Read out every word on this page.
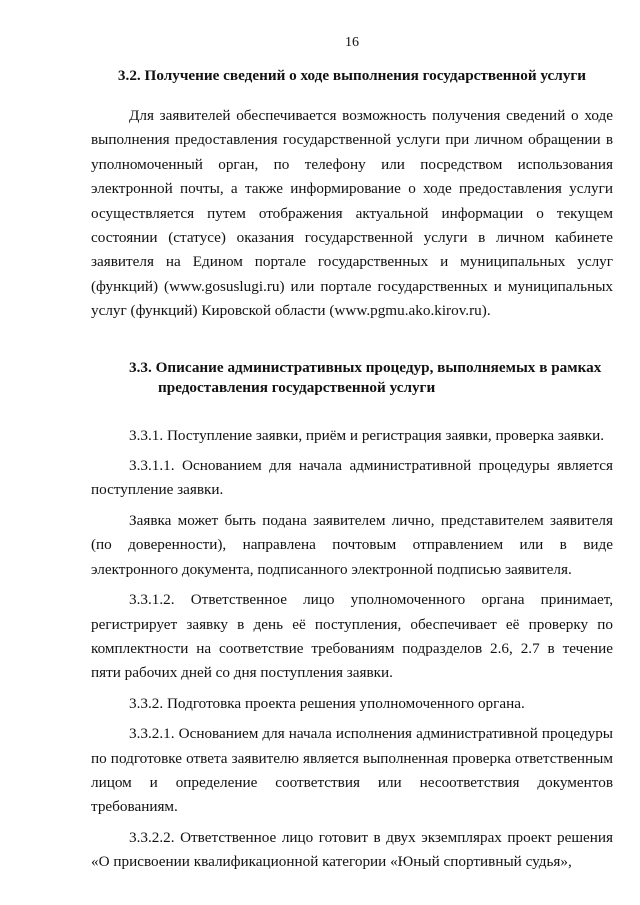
16
3.2. Получение сведений о ходе выполнения государственной услуги

Для заявителей обеспечивается возможность получения сведений о ходе выполнения предоставления государственной услуги при личном обращении в уполномоченный орган, по телефону или посредством использования электронной почты, а также информирование о ходе предоставления услуги осуществляется путем отображения актуальной информации о текущем состоянии (статусе) оказания государственной услуги в личном кабинете заявителя на Едином портале государственных и муниципальных услуг (функций) (www.gosuslugi.ru) или портале государственных и муниципальных услуг (функций) Кировской области (www.pgmu.ako.kirov.ru).

3.3. Описание административных процедур, выполняемых в рамках
предоставления государственной услуги

3.3.1. Поступление заявки, приём и регистрация заявки, проверка заявки.

3.3.1.1. Основанием для начала административной процедуры является поступление заявки.

Заявка может быть подана заявителем лично, представителем заявителя (по доверенности), направлена почтовым отправлением или в виде электронного документа, подписанного электронной подписью заявителя.

3.3.1.2. Ответственное лицо уполномоченного органа принимает, регистрирует заявку в день её поступления, обеспечивает её проверку по комплектности на соответствие требованиям подразделов 2.6, 2.7 в течение пяти рабочих дней со дня поступления заявки.

3.3.2. Подготовка проекта решения уполномоченного органа.

3.3.2.1. Основанием для начала исполнения административной процедуры по подготовке ответа заявителю является выполненная проверка ответственным лицом и определение соответствия или несоответствия документов требованиям.

3.3.2.2. Ответственное лицо готовит в двух экземплярах проект решения «О присвоении квалификационной категории «Юный спортивный судья»,
